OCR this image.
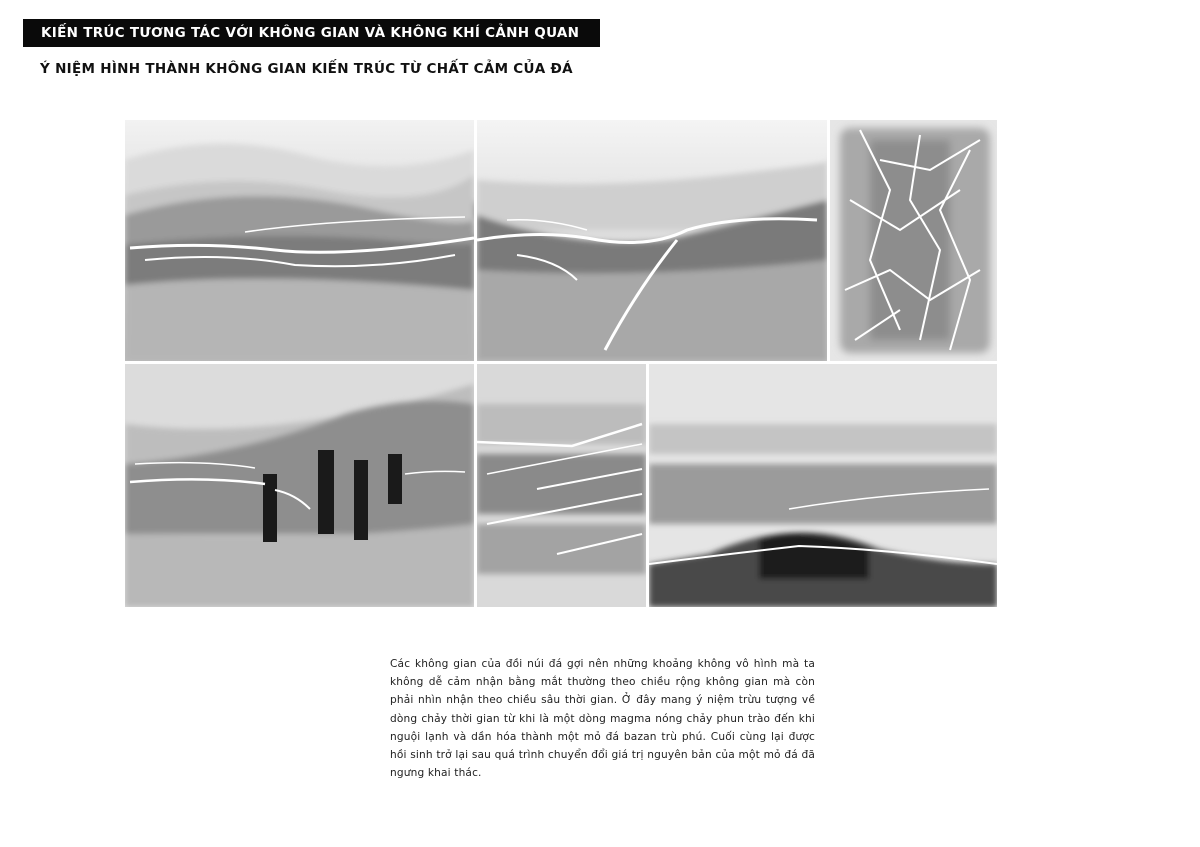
KIẾN TRÚC TƯƠNG TÁC VỚI KHÔNG GIAN VÀ KHÔNG KHÍ CẢNH QUAN
Ý NIỆM HÌNH THÀNH KHÔNG GIAN KIẾN TRÚC TỪ CHẤT CẢM CỦA ĐÁ
Các không gian của đồi núi đá gợi nên những khoảng không vô hình mà ta không dễ cảm nhận bằng mắt thường theo chiều rộng không gian mà còn phải nhìn nhận theo chiều sâu thời gian. Ở đây mang ý niệm trừu tượng về dòng chảy thời gian từ khi là một dòng magma nóng chảy phun trào đến khi nguội lạnh và dần hóa thành một mỏ đá bazan trù phú. Cuối cùng lại được hồi sinh trở lại sau quá trình chuyển đổi giá trị nguyên bản của một mỏ đá đã ngưng khai thác.
